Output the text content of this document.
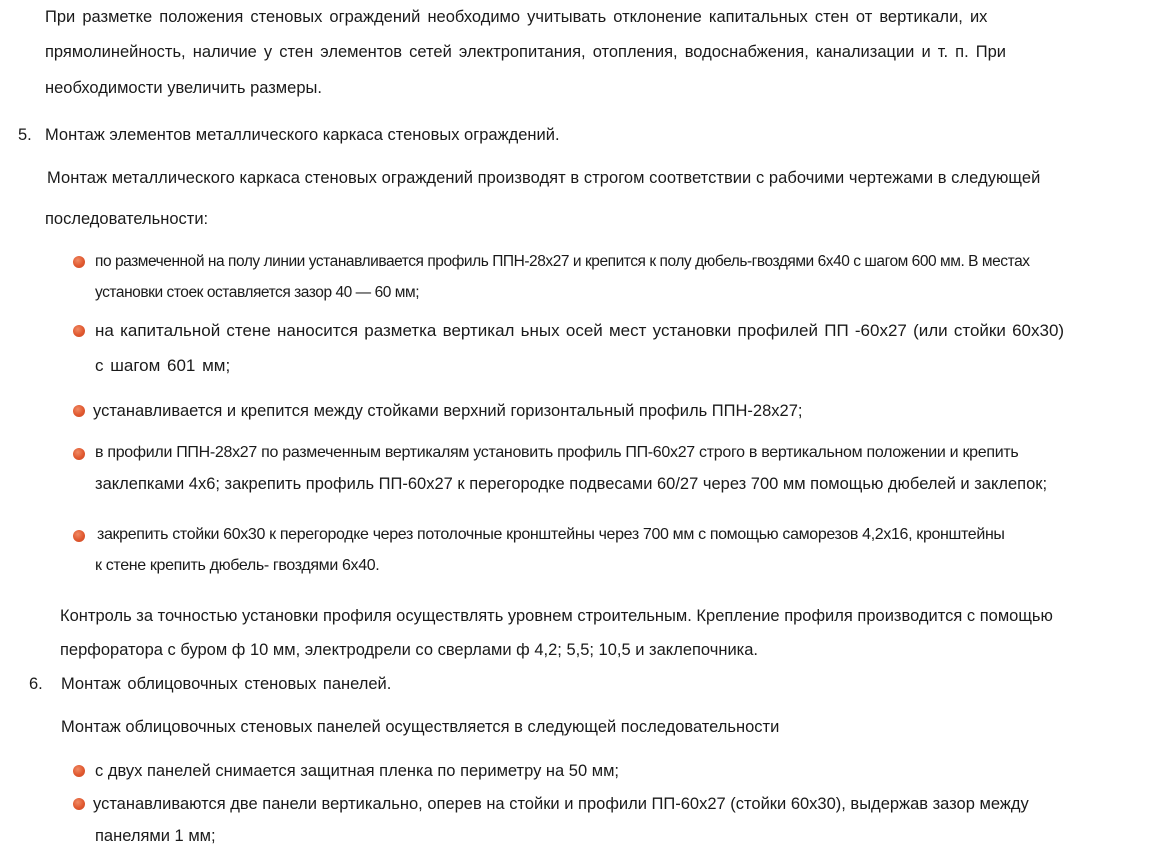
При разметке положения стеновых ограждений необходимо учитывать отклонение капитальных стен от вертикали, их
прямолинейность, наличие у стен элементов сетей электропитания, отопления, водоснабжения, канализации и т. п. При
необходимости увеличить размеры.
5. Монтаж элементов металлического каркаса стеновых ограждений.
Монтаж металлического каркаса стеновых ограждений производят в строгом соответствии с рабочими чертежами в следующей
последовательности:
по размеченной на полу линии устанавливается профиль ППН-28х27 и крепится к полу дюбель-гвоздями 6х40 с шагом 600 мм. В местах
установки стоек оставляется зазор 40 — 60 мм;
на капитальной стене наносится разметка вертикал ьных осей мест установки профилей ПП -60х27 (или стойки 60х30)
с шагом 601 мм;
устанавливается и крепится между стойками верхний горизонтальный профиль ППН-28х27;
в профили ППН-28х27 по размеченным вертикалям установить профиль ПП-60х27 строго в вертикальном положении и крепить
заклепками 4х6; закрепить профиль ПП-60х27 к перегородке подвесами 60/27 через 700 мм помощью дюбелей и заклепок;
закрепить стойки 60х30 к перегородке через потолочные кронштейны через 700 мм с помощью саморезов 4,2х16, кронштейны
к стене крепить дюбель- гвоздями 6х40.
Контроль за точностью установки профиля осуществлять уровнем строительным. Крепление профиля производится с помощью
перфоратора с буром ф 10 мм, электродрели со сверлами ф 4,2; 5,5; 10,5 и заклепочника.
6. Монтаж облицовочных стеновых панелей.
Монтаж облицовочных стеновых панелей осуществляется в следующей последовательности
с двух панелей снимается защитная пленка по периметру на 50 мм;
устанавливаются две панели вертикально, оперев на стойки и профили ПП-60х27 (стойки 60х30), выдержав зазор между
панелями 1 мм;
